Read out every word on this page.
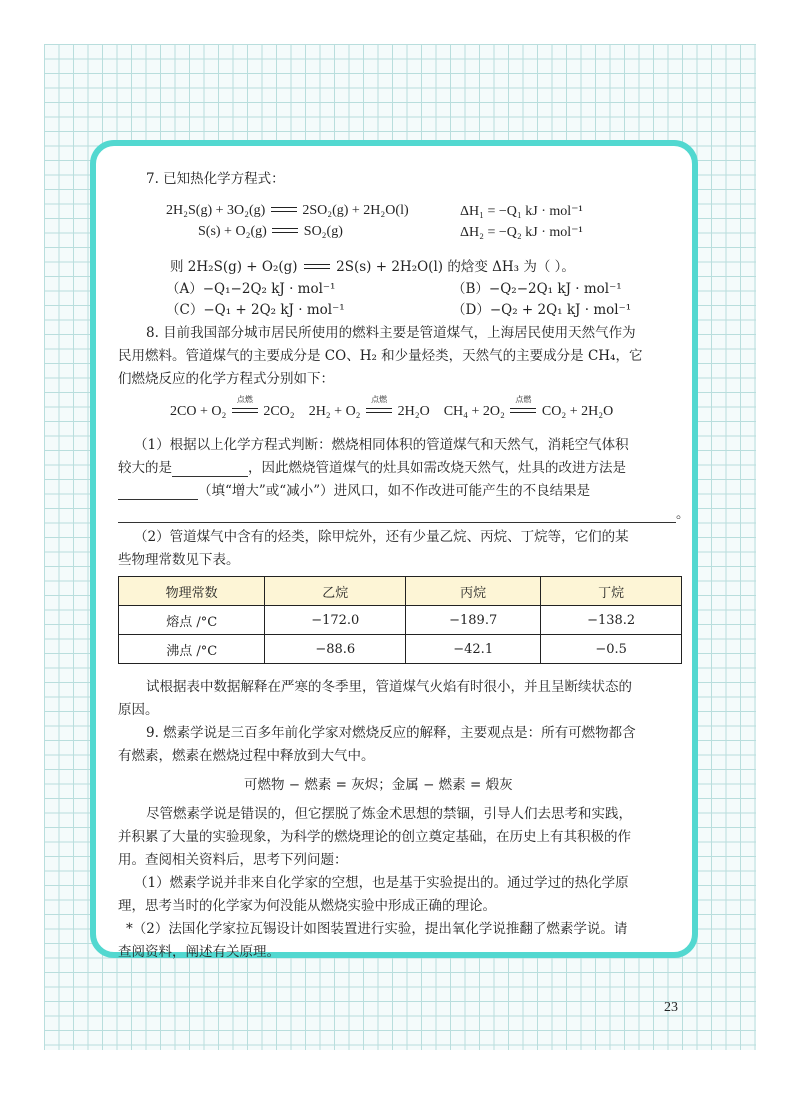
7. 已知热化学方程式：
2H₂S(g) + 3O₂(g)	2SO₂(g) + 2H₂O(l)	ΔH₁ = −Q₁ kJ · mol⁻¹
S(s) + O₂(g)	SO₂(g)	ΔH₂ = −Q₂ kJ · mol⁻¹
则 2H₂S(g) + O₂(g)	2S(s) + 2H₂O(l) 的焓变 ΔH₃ 为（ ）。
（A）−Q₁−2Q₂ kJ · mol⁻¹	（B）−Q₂−2Q₁ kJ · mol⁻¹
（C）−Q₁ + 2Q₂ kJ · mol⁻¹	（D）−Q₂ + 2Q₁ kJ · mol⁻¹
8. 目前我国部分城市居民所使用的燃料主要是管道煤气，上海居民使用天然气作为
民用燃料。管道煤气的主要成分是 CO、H₂ 和少量烃类，天然气的主要成分是 CH₄，它
们燃烧反应的化学方程式分别如下：
2CO + O₂
点燃
2CO₂ 2H₂ + O₂
点燃
2H₂O CH₄ + 2O₂
点燃
CO₂ + 2H₂O
（1）根据以上化学方程式判断：燃烧相同体积的管道煤气和天然气，消耗空气体积
较大的是	，因此燃烧管道煤气的灶具如需改烧天然气，灶具的改进方法是
（填“增大”或“减小”）进风口，如不作改进可能产生的不良结果是
。
（2）管道煤气中含有的烃类，除甲烷外，还有少量乙烷、丙烷、丁烷等，它们的某
些物理常数见下表。
物理常数	乙烷	丙烷	丁烷
熔点 /°C	−172.0	−189.7	−138.2
沸点 /°C	−88.6	−42.1	−0.5
试根据表中数据解释在严寒的冬季里，管道煤气火焰有时很小，并且呈断续状态的
原因。
9. 燃素学说是三百多年前化学家对燃烧反应的解释，主要观点是：所有可燃物都含
有燃素，燃素在燃烧过程中释放到大气中。
可燃物 − 燃素 = 灰烬；金属 − 燃素 = 煅灰
尽管燃素学说是错误的，但它摆脱了炼金术思想的禁锢，引导人们去思考和实践，
并积累了大量的实验现象，为科学的燃烧理论的创立奠定基础，在历史上有其积极的作
用。查阅相关资料后，思考下列问题：
（1）燃素学说并非来自化学家的空想，也是基于实验提出的。通过学过的热化学原
理，思考当时的化学家为何没能从燃烧实验中形成正确的理论。
*（2）法国化学家拉瓦锡设计如图装置进行实验，提出氧化学说推翻了燃素学说。请
查阅资料，阐述有关原理。
23
